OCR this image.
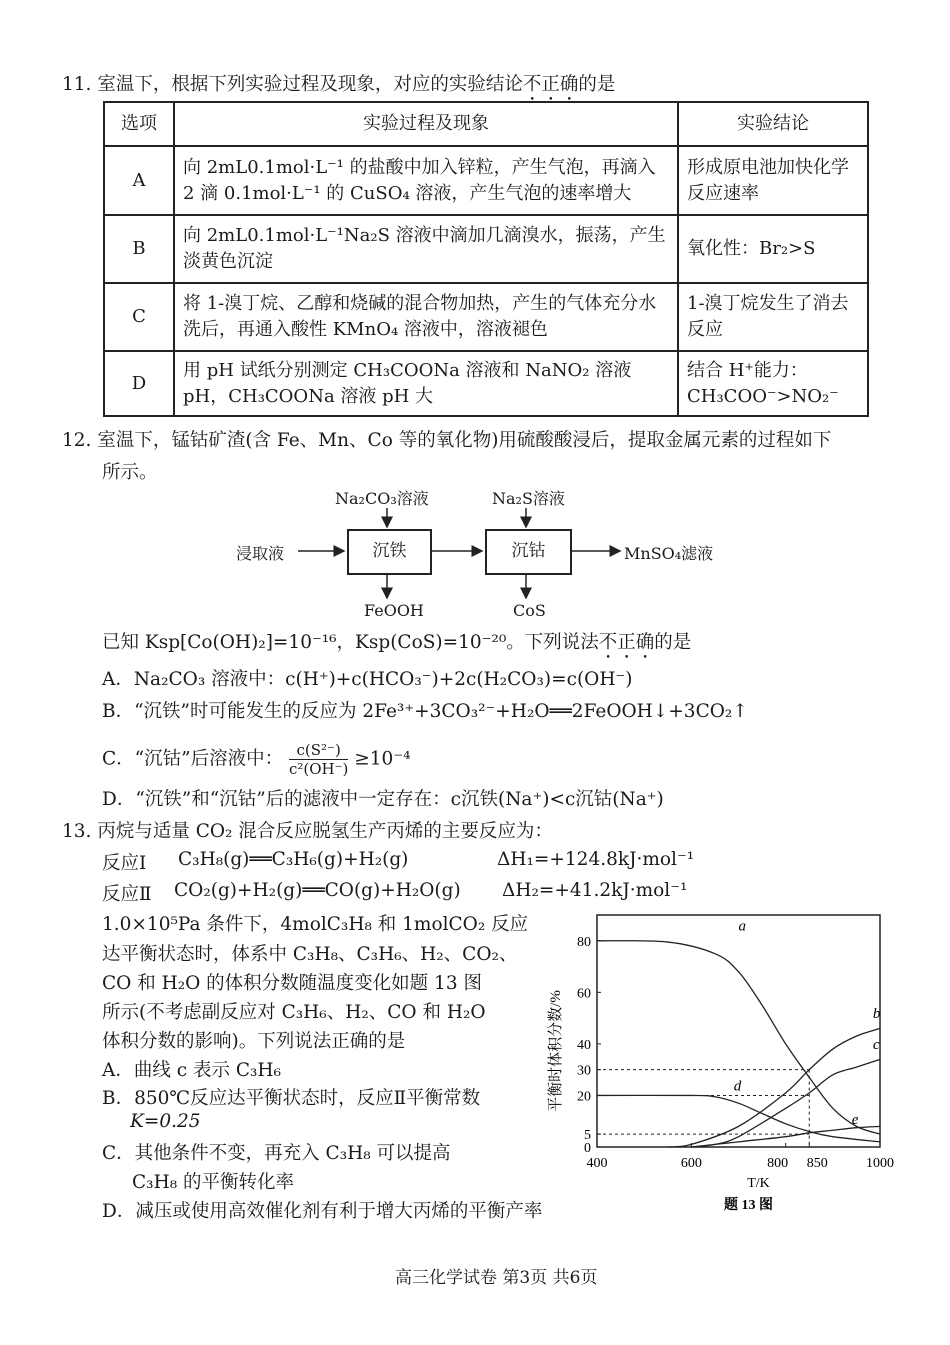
11. 室温下，根据下列实验过程及现象，对应的实验结论不正确的是
选项	实验过程及现象	实验结论
A	向 2mL0.1mol·L⁻¹ 的盐酸中加入锌粒，产生气泡，再滴入 2 滴 0.1mol·L⁻¹ 的 CuSO₄ 溶液，产生气泡的速率增大	形成原电池加快化学反应速率
B	向 2mL0.1mol·L⁻¹Na₂S 溶液中滴加几滴溴水，振荡，产生淡黄色沉淀	氧化性：Br₂>S
C	将 1-溴丁烷、乙醇和烧碱的混合物加热，产生的气体充分水洗后，再通入酸性 KMnO₄ 溶液中，溶液褪色	1-溴丁烷发生了消去反应
D	用 pH 试纸分别测定 CH₃COONa 溶液和 NaNO₂ 溶液 pH，CH₃COONa 溶液 pH 大	结合 H⁺能力：CH₃COO⁻>NO₂⁻
12. 室温下，锰钴矿渣(含 Fe、Mn、Co 等的氧化物)用硫酸酸浸后，提取金属元素的过程如下
所示。
Na₂CO₃溶液	Na₂S溶液
浸取液	沉铁	沉钴	MnSO₄滤液
FeOOH	CoS
已知 Ksp[Co(OH)₂]=10⁻¹⁶，Ksp(CoS)=10⁻²⁰。下列说法不正确的是
A．Na₂CO₃ 溶液中：c(H⁺)+c(HCO₃⁻)+2c(H₂CO₃)=c(OH⁻)
B．“沉铁”时可能发生的反应为 2Fe³⁺+3CO₃²⁻+H₂O══2FeOOH↓+3CO₂↑
C．“沉钴”后溶液中： $\frac{\text{c(S²⁻)}}{\text{c²(OH⁻)}} \ge 10^{-4}$
D．“沉铁”和“沉钴”后的滤液中一定存在：c沉铁(Na⁺)<c沉钴(Na⁺)
13. 丙烷与适量 CO₂ 混合反应脱氢生产丙烯的主要反应为：
反应Ⅰ C₃H₈(g)══C₃H₆(g)+H₂(g)	ΔH₁=+124.8kJ·mol⁻¹
反应Ⅱ CO₂(g)+H₂(g)══CO(g)+H₂O(g) ΔH₂=+41.2kJ·mol⁻¹
1.0×10⁵Pa 条件下，4molC₃H₈ 和 1molCO₂ 反应
达平衡状态时，体系中 C₃H₈、C₃H₆、H₂、CO₂、
CO 和 H₂O 的体积分数随温度变化如题 13 图
所示(不考虑副反应对 C₃H₆、H₂、CO 和 H₂O
体积分数的影响)。下列说法正确的是
A．曲线 c 表示 C₃H₆
B．850℃反应达平衡状态时，反应Ⅱ平衡常数
K=0.25
C．其他条件不变，再充入 C₃H₈ 可以提高
C₃H₈ 的平衡转化率
D．减压或使用高效催化剂有利于增大丙烯的平衡产率
400	600	800 850	1000
0
5
20
30
40
60
80
T/K
平衡时体积分数/%
题 13 图
a
b
c
d
e
高三化学试卷 第3页 共6页
